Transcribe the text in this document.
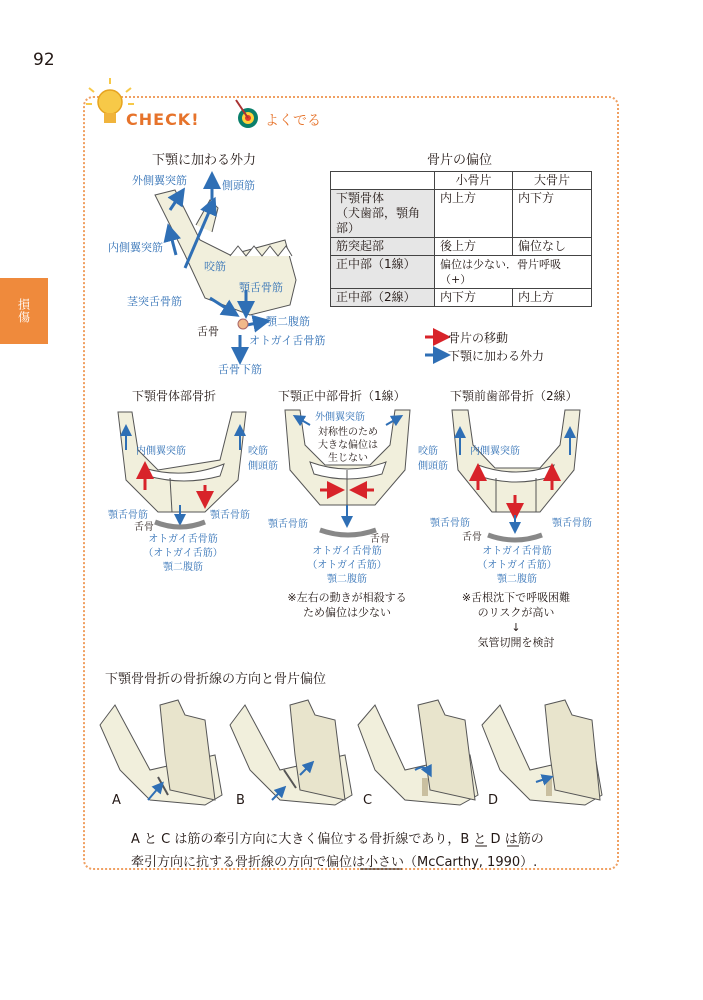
92
損傷
CHECK!	よくでる
下顎に加わる外力
外側翼突筋	側頭筋
内側翼突筋
咬筋
顎舌骨筋
茎突舌骨筋
顎二腹筋
舌骨
オトガイ舌骨筋
舌骨下筋
骨片の偏位
	小骨片	大骨片
下顎骨体
（犬歯部，顎角部）	内上方	内下方
筋突起部	後上方	偏位なし
正中部（1線）	偏位は少ない．骨片呼吸（+）	
正中部（2線）	内下方	内上方
骨片の移動
下顎に加わる外力
下顎骨体部骨折	下顎正中部骨折（1線）	下顎前歯部骨折（2線）
内側翼突筋	咬筋
側頭筋
顎舌骨筋	顎舌骨筋
舌骨
オトガイ舌骨筋
（オトガイ舌筋）
顎二腹筋
外側翼突筋
対称性のため
大きな偏位は
生じない
顎舌骨筋
舌骨
オトガイ舌骨筋
（オトガイ舌筋）
顎二腹筋
※左右の動きが相殺する
ため偏位は少ない
咬筋
側頭筋
内側翼突筋
顎舌骨筋	顎舌骨筋
舌骨
オトガイ舌骨筋
（オトガイ舌筋）
顎二腹筋
※舌根沈下で呼吸困難
のリスクが高い
↓
気管切開を検討
下顎骨骨折の骨折線の方向と骨片偏位
A	B	C	D
A と C は筋の牽引方向に大きく偏位する骨折線であり，B と D は筋の
牽引方向に抗する骨折線の方向で偏位は小さい（McCarthy, 1990）.
